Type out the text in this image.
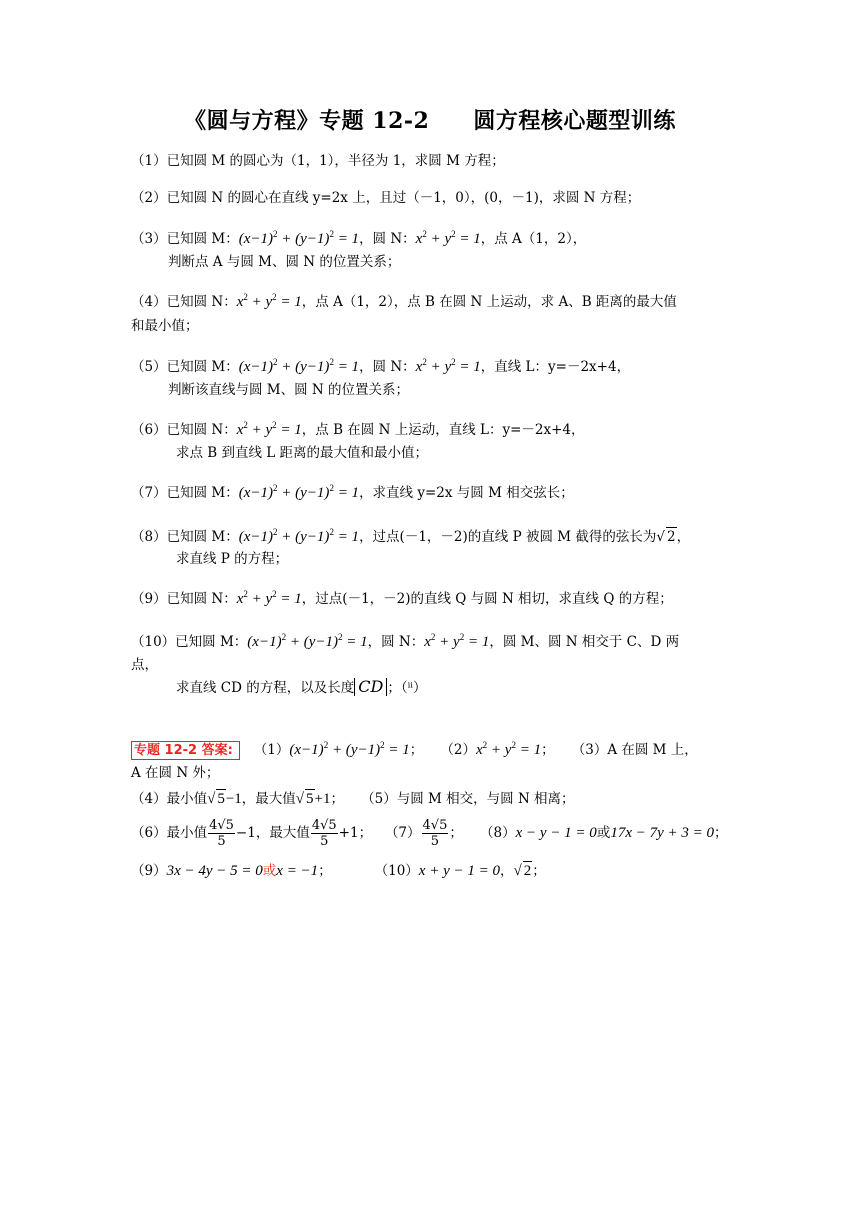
《圆与方程》专题 12-2 圆方程核心题型训练
（1）已知圆 M 的圆心为（1，1），半径为 1，求圆 M 方程；
（2）已知圆 N 的圆心在直线 y=2x 上，且过（－1，0），(0，－1)，求圆 N 方程；
（3）已知圆 M：$(x-1)^2 + (y-1)^2 = 1$，圆 N：$x^2 + y^2 = 1$，点 A（1，2），
判断点 A 与圆 M、圆 N 的位置关系；
（4）已知圆 N：$x^2 + y^2 = 1$，点 A（1，2），点 B 在圆 N 上运动，求 A、B 距离的最大值
和最小值；
（5）已知圆 M：$(x-1)^2 + (y-1)^2 = 1$，圆 N：$x^2 + y^2 = 1$，直线 L：y=－2x+4，
判断该直线与圆 M、圆 N 的位置关系；
（6）已知圆 N：$x^2 + y^2 = 1$，点 B 在圆 N 上运动，直线 L：y=－2x+4，
求点 B 到直线 L 距离的最大值和最小值；
（7）已知圆 M：$(x-1)^2 + (y-1)^2 = 1$，求直线 y=2x 与圆 M 相交弦长；
（8）已知圆 M：$(x-1)^2 + (y-1)^2 = 1$，过点(－1，－2)的直线 P 被圆 M 截得的弦长为√ 2，
求直线 P 的方程；
（9）已知圆 N：$x^2 + y^2 = 1$，过点(－1，－2)的直线 Q 与圆 N 相切，求直线 Q 的方程；
（10）已知圆 M：$(x-1)^2 + (y-1)^2 = 1$，圆 N：$x^2 + y^2 = 1$，圆 M、圆 N 相交于 C、D 两
点，
求直线 CD 的方程，以及长度 CD ；（ⁱⁱ）
专题 12-2 答案: $(1)(x-1)^2 + (y-1)^2 = 1$； $(2)x^2 + y^2 = 1$； （3）A 在圆 M 上，
A 在圆 N 外；
（4）最小值√ 5−1，最大值√ 5+1； （5）与圆 M 相交，与圆 N 相离；
（6）最小值 $\frac{4√5}{5} -1$，最大值 $\frac{4√5}{5} +1$； $(7) \frac{4√5}{5}$ ； （8）x − y − 1 = 0或17x − 7y + 3 = 0；
（9）3x − 4y − 5 = 0或x = −1；	（10）x + y − 1 = 0，√ 2；
